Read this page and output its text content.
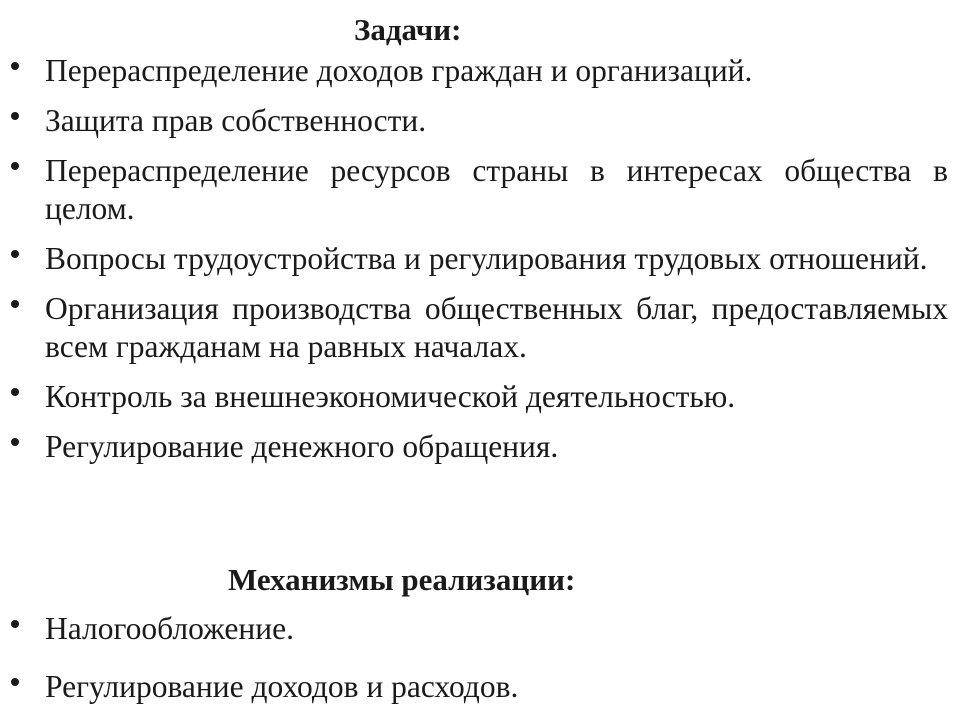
Задачи:
Перераспределение доходов граждан и организаций.
Защита прав собственности.
Перераспределение ресурсов страны в интересах общества в целом.
Вопросы трудоустройства и регулирования трудовых отношений.
Организация производства общественных благ, предоставляемых всем гражданам на равных началах.
Контроль за внешнеэкономической деятельностью.
Регулирование денежного обращения.
Механизмы реализации:
Налогообложение.
Регулирование доходов и расходов.
